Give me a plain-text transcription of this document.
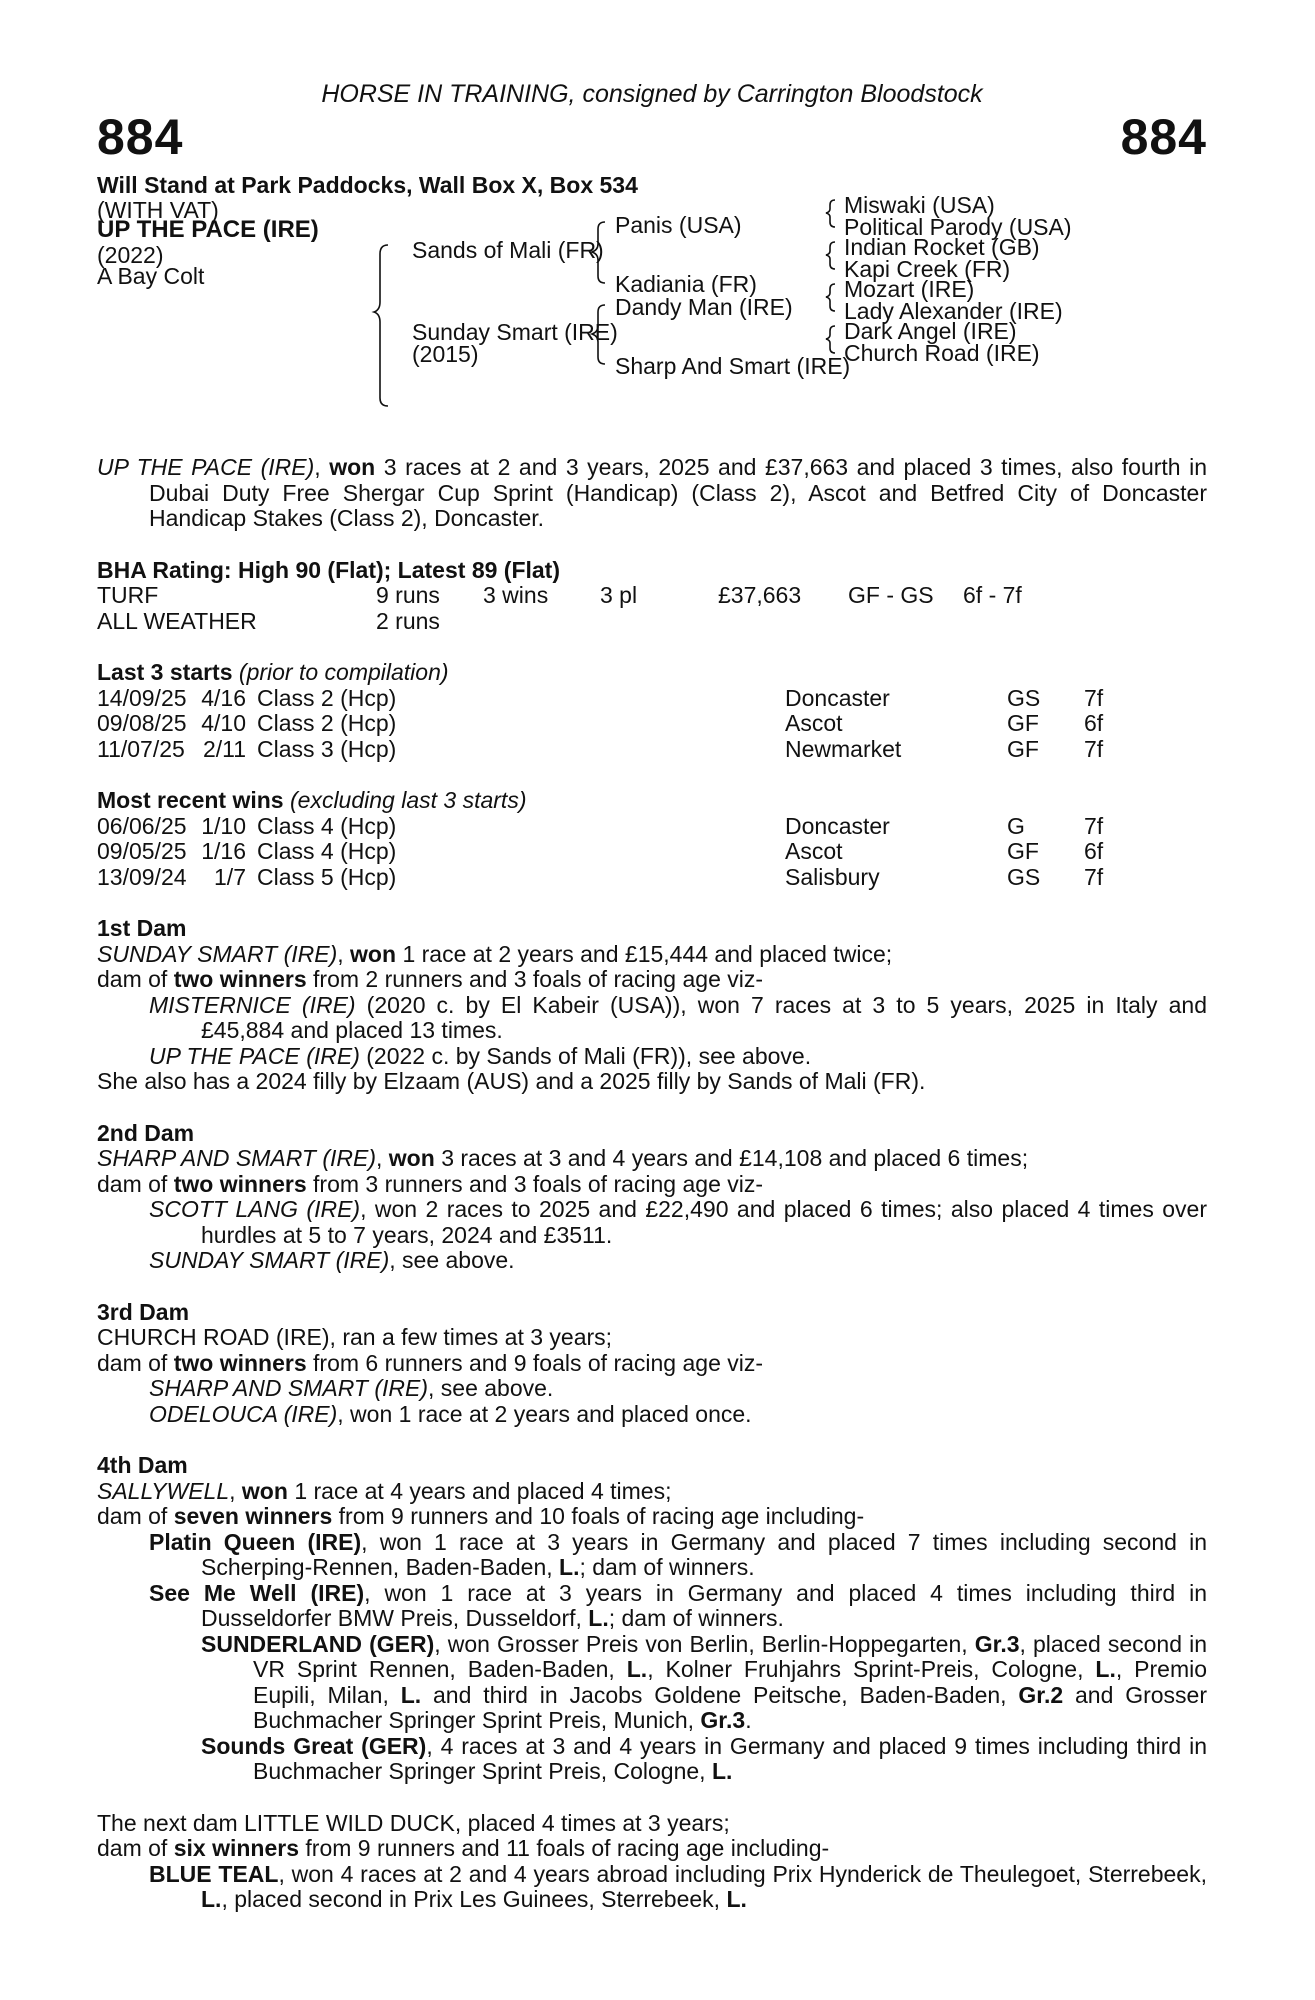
HORSE IN TRAINING, consigned by Carrington Bloodstock
884	884
Will Stand at Park Paddocks, Wall Box X, Box 534
(WITH VAT)
UP THE PACE (IRE)
(2022)
A Bay Colt
Sands of Mali (FR)
Sunday Smart (IRE)
(2015)
Panis (USA)
Kadiania (FR)
Dandy Man (IRE)
Sharp And Smart (IRE)
Miswaki (USA)
Political Parody (USA)
Indian Rocket (GB)
Kapi Creek (FR)
Mozart (IRE)
Lady Alexander (IRE)
Dark Angel (IRE)
Church Road (IRE)

UP THE PACE (IRE), won 3 races at 2 and 3 years, 2025 and £37,663 and placed 3 times, also fourth in Dubai Duty Free Shergar Cup Sprint (Handicap) (Class 2), Ascot and Betfred City of Doncaster Handicap Stakes (Class 2), Doncaster.

BHA Rating: High 90 (Flat); Latest 89 (Flat)
TURF	9 runs	3 wins	3 pl	£37,663	GF - GS	6f - 7f
ALL WEATHER	2 runs					
Last 3 starts (prior to compilation)
14/09/25	4/16	Class 2 (Hcp)	Doncaster	GS	7f
09/08/25	4/10	Class 2 (Hcp)	Ascot	GF	6f
11/07/25	2/11	Class 3 (Hcp)	Newmarket	GF	7f
Most recent wins (excluding last 3 starts)
06/06/25	1/10	Class 4 (Hcp)	Doncaster	G	7f
09/05/25	1/16	Class 4 (Hcp)	Ascot	GF	6f
13/09/24	1/7	Class 5 (Hcp)	Salisbury	GS	7f
1st Dam
SUNDAY SMART (IRE), won 1 race at 2 years and £15,444 and placed twice;
dam of two winners from 2 runners and 3 foals of racing age viz-
MISTERNICE (IRE) (2020 c. by El Kabeir (USA)), won 7 races at 3 to 5 years, 2025 in Italy and £45,884 and placed 13 times.
UP THE PACE (IRE) (2022 c. by Sands of Mali (FR)), see above.
She also has a 2024 filly by Elzaam (AUS) and a 2025 filly by Sands of Mali (FR).
2nd Dam
SHARP AND SMART (IRE), won 3 races at 3 and 4 years and £14,108 and placed 6 times;
dam of two winners from 3 runners and 3 foals of racing age viz-
SCOTT LANG (IRE), won 2 races to 2025 and £22,490 and placed 6 times; also placed 4 times over hurdles at 5 to 7 years, 2024 and £3511.
SUNDAY SMART (IRE), see above.
3rd Dam
CHURCH ROAD (IRE), ran a few times at 3 years;
dam of two winners from 6 runners and 9 foals of racing age viz-
SHARP AND SMART (IRE), see above.
ODELOUCA (IRE), won 1 race at 2 years and placed once.
4th Dam
SALLYWELL, won 1 race at 4 years and placed 4 times;
dam of seven winners from 9 runners and 10 foals of racing age including-
Platin Queen (IRE), won 1 race at 3 years in Germany and placed 7 times including second in Scherping-Rennen, Baden-Baden, L.; dam of winners.
See Me Well (IRE), won 1 race at 3 years in Germany and placed 4 times including third in Dusseldorfer BMW Preis, Dusseldorf, L.; dam of winners.
SUNDERLAND (GER), won Grosser Preis von Berlin, Berlin-Hoppegarten, Gr.3, placed second in VR Sprint Rennen, Baden-Baden, L., Kolner Fruhjahrs Sprint-Preis, Cologne, L., Premio Eupili, Milan, L. and third in Jacobs Goldene Peitsche, Baden-Baden, Gr.2 and Grosser Buchmacher Springer Sprint Preis, Munich, Gr.3.
Sounds Great (GER), 4 races at 3 and 4 years in Germany and placed 9 times including third in Buchmacher Springer Sprint Preis, Cologne, L.
The next dam LITTLE WILD DUCK, placed 4 times at 3 years;
dam of six winners from 9 runners and 11 foals of racing age including-
BLUE TEAL, won 4 races at 2 and 4 years abroad including Prix Hynderick de Theulegoet, Sterrebeek, L., placed second in Prix Les Guinees, Sterrebeek, L.
